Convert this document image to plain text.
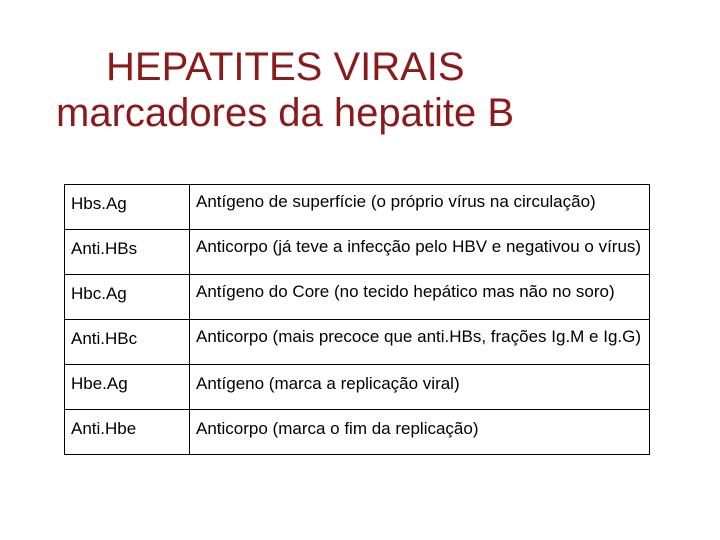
HEPATITES VIRAIS
marcadores da hepatite B
Hbs.Ag	Antígeno de superfície (o próprio vírus na circulação)
Anti.HBs	Anticorpo (já teve a infecção pelo HBV e negativou o vírus)
Hbc.Ag	Antígeno do Core (no tecido hepático mas não no soro)
Anti.HBc	Anticorpo (mais precoce que anti.HBs, frações Ig.M e Ig.G)
Hbe.Ag	Antígeno (marca a replicação viral)
Anti.Hbe	Anticorpo (marca o fim da replicação)
